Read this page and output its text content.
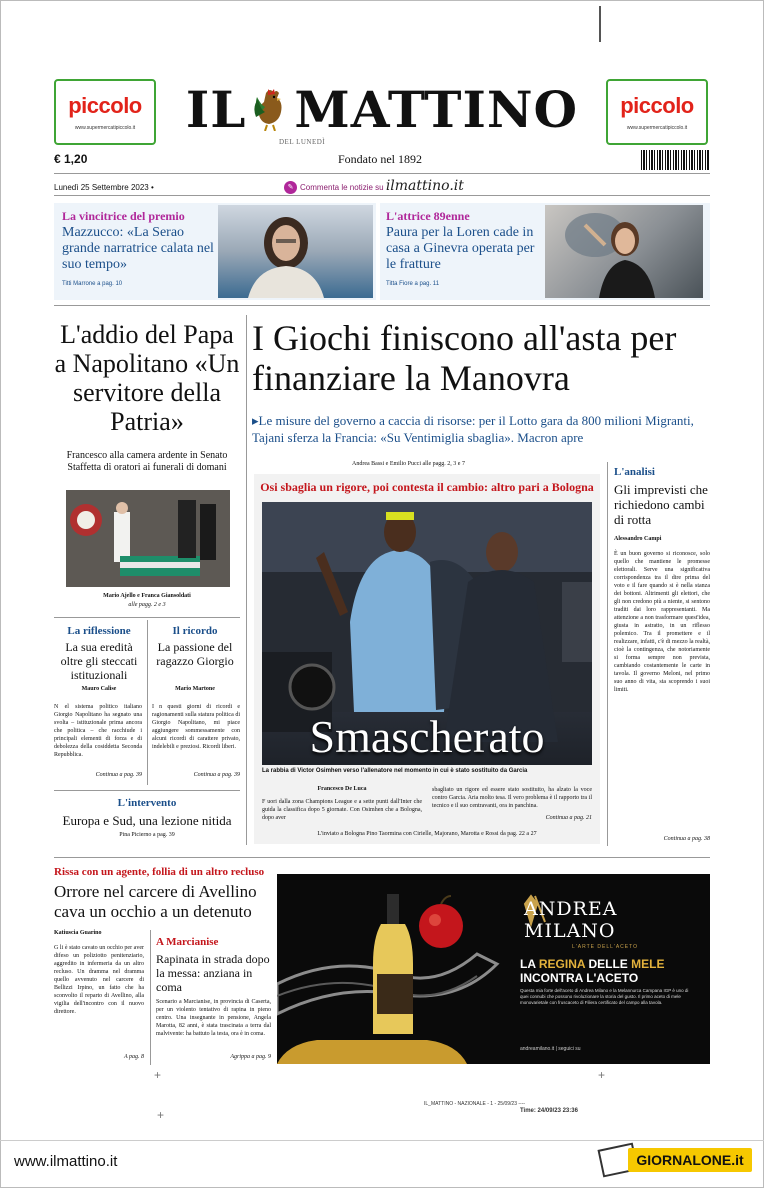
piccolo
www.supermercatipiccolo.it
piccolo
www.supermercatipiccolo.it
IL MATTINO
DEL LUNEDÌ
€ 1,20	Fondato nel 1892
Lunedì 25 Settembre 2023 •	✎ Commenta le notizie su ilmattino.it
La vincitrice del premio
Mazzucco: «La Serao grande narratrice calata nel suo tempo»
Titti Marrone a pag. 10
L'attrice 89enne
Paura per la Loren cade in casa a Ginevra operata per le fratture
Titta Fiore a pag. 11
L'addio del Papa a Napolitano «Un servitore della Patria»
Francesco alla camera ardente in Senato Staffetta di oratori ai funerali di domani
Mario Ajello e Franca Giansoldati
alle pagg. 2 e 3
La riflessione
La sua eredità oltre gli steccati istituzionali
Mauro Calise
N el sistema politico italiano Giorgio Napolitano ha segnato una svolta – istituzionale prima ancora che politica – che racchiude i principali elementi di forza e di debolezza della cosiddetta Seconda Repubblica.
Continua a pag. 39
Il ricordo
La passione del ragazzo Giorgio
Mario Martone
I n questi giorni di ricordi e ragionamenti sulla statura politica di Giorgio Napolitano, mi piace aggiungere sommessamente con alcuni ricordi di carattere privato, indelebili e preziosi. Ricordi liberi.
Continua a pag. 39
L'intervento
Europa e Sud, una lezione nitida
Pina Picierno a pag. 39
I Giochi finiscono all'asta per finanziare la Manovra
▸Le misure del governo a caccia di risorse: per il Lotto gara da 800 milioni Migranti, Tajani sferza la Francia: «Su Ventimiglia sbaglia». Macron apre
Andrea Bassi e Emilio Pucci alle pagg. 2, 3 e 7
Osi sbaglia un rigore, poi contesta il cambio: altro pari a Bologna
Smascherato
La rabbia di Victor Osimhen verso l'allenatore nel momento in cui è stato sostituito da Garcia
Francesco De Luca
F uori dalla zona Champions League e a sette punti dall'Inter che guida la classifica dopo 5 giornate. Con Osimhen che a Bologna, dopo aver
sbagliato un rigore ed essere stato sostituito, ha alzato la voce contro Garcia. Aria molto tesa. Il vero problema è il rapporto tra il tecnico e il suo centravanti, ora in panchina.
Continua a pag. 21
L'inviato a Bologna Pino Taormina con Cirielle, Majorano, Marotta e Rossi da pag. 22 a 27
L'analisi
Gli imprevisti che richiedono cambi di rotta
Alessandro Campi
È un buon governo si riconosce, solo quello che mantiene le promesse elettorali. Serve una significativa corrispondenza tra il dire prima del voto e il fare quando si è nella stanza dei bottoni. Altrimenti gli elettori, che gli non credono più a niente, si sentono traditi dai loro rappresentanti. Ma attenzione a non trasformare quest'idea, giusta in astratto, in un riflesso polemico. Tra il promettere e il realizzare, infatti, c'è di mezzo la realtà, cioè la contingenza, che notoriamente si forma sempre non prevista, cambiando costantemente le carte in tavola. Il governo Meloni, nel primo suo anno di vita, sta scoprendo i suoi limiti.
Continua a pag. 38
Rissa con un agente, follia di un altro recluso
Orrore nel carcere di Avellino cava un occhio a un detenuto
Katiuscia Guarino
G li è stato cavato un occhio per aver difeso un poliziotto penitenziario, aggredito in infermeria da un altro recluso. Un dramma nel dramma quello avvenuto nel carcere di Bellizzi Irpino, un fatto che ha sconvolto il reparto di Avellino, alla vigilia dell'incontro con il nuovo direttore.
A pag. 8
A Marcianise
Rapinata in strada dopo la messa: anziana in coma
Scenario a Marcianise, in provincia di Caserta, per un violento tentativo di rapina in pieno centro. Una insegnante in pensione, Angela Marotta, 82 anni, è stata trascinata a terra dal malvivente: ha battuto la testa, ora è in coma.
Agrippa a pag. 9
ANDREA
MILANO
L'ARTE DELL'ACETO
LA REGINA DELLE MELE
INCONTRA L'ACETO
Questa mia forte dell'aceto di Andrea Milano e la Melannurca Campana IGP è uno di quei connubi che possono rivoluzionare la storia del gusto. Il primo aceto di mele monovarietale con fruscaceto di Filiera certificato del campo alla tavola.
andreamilano.it | seguici su
IL_MATTINO - NAZIONALE - 1 - 25/09/23 ----
Time: 24/09/23 23:36
+	+
+
www.ilmattino.it	GIORNALONE.it
